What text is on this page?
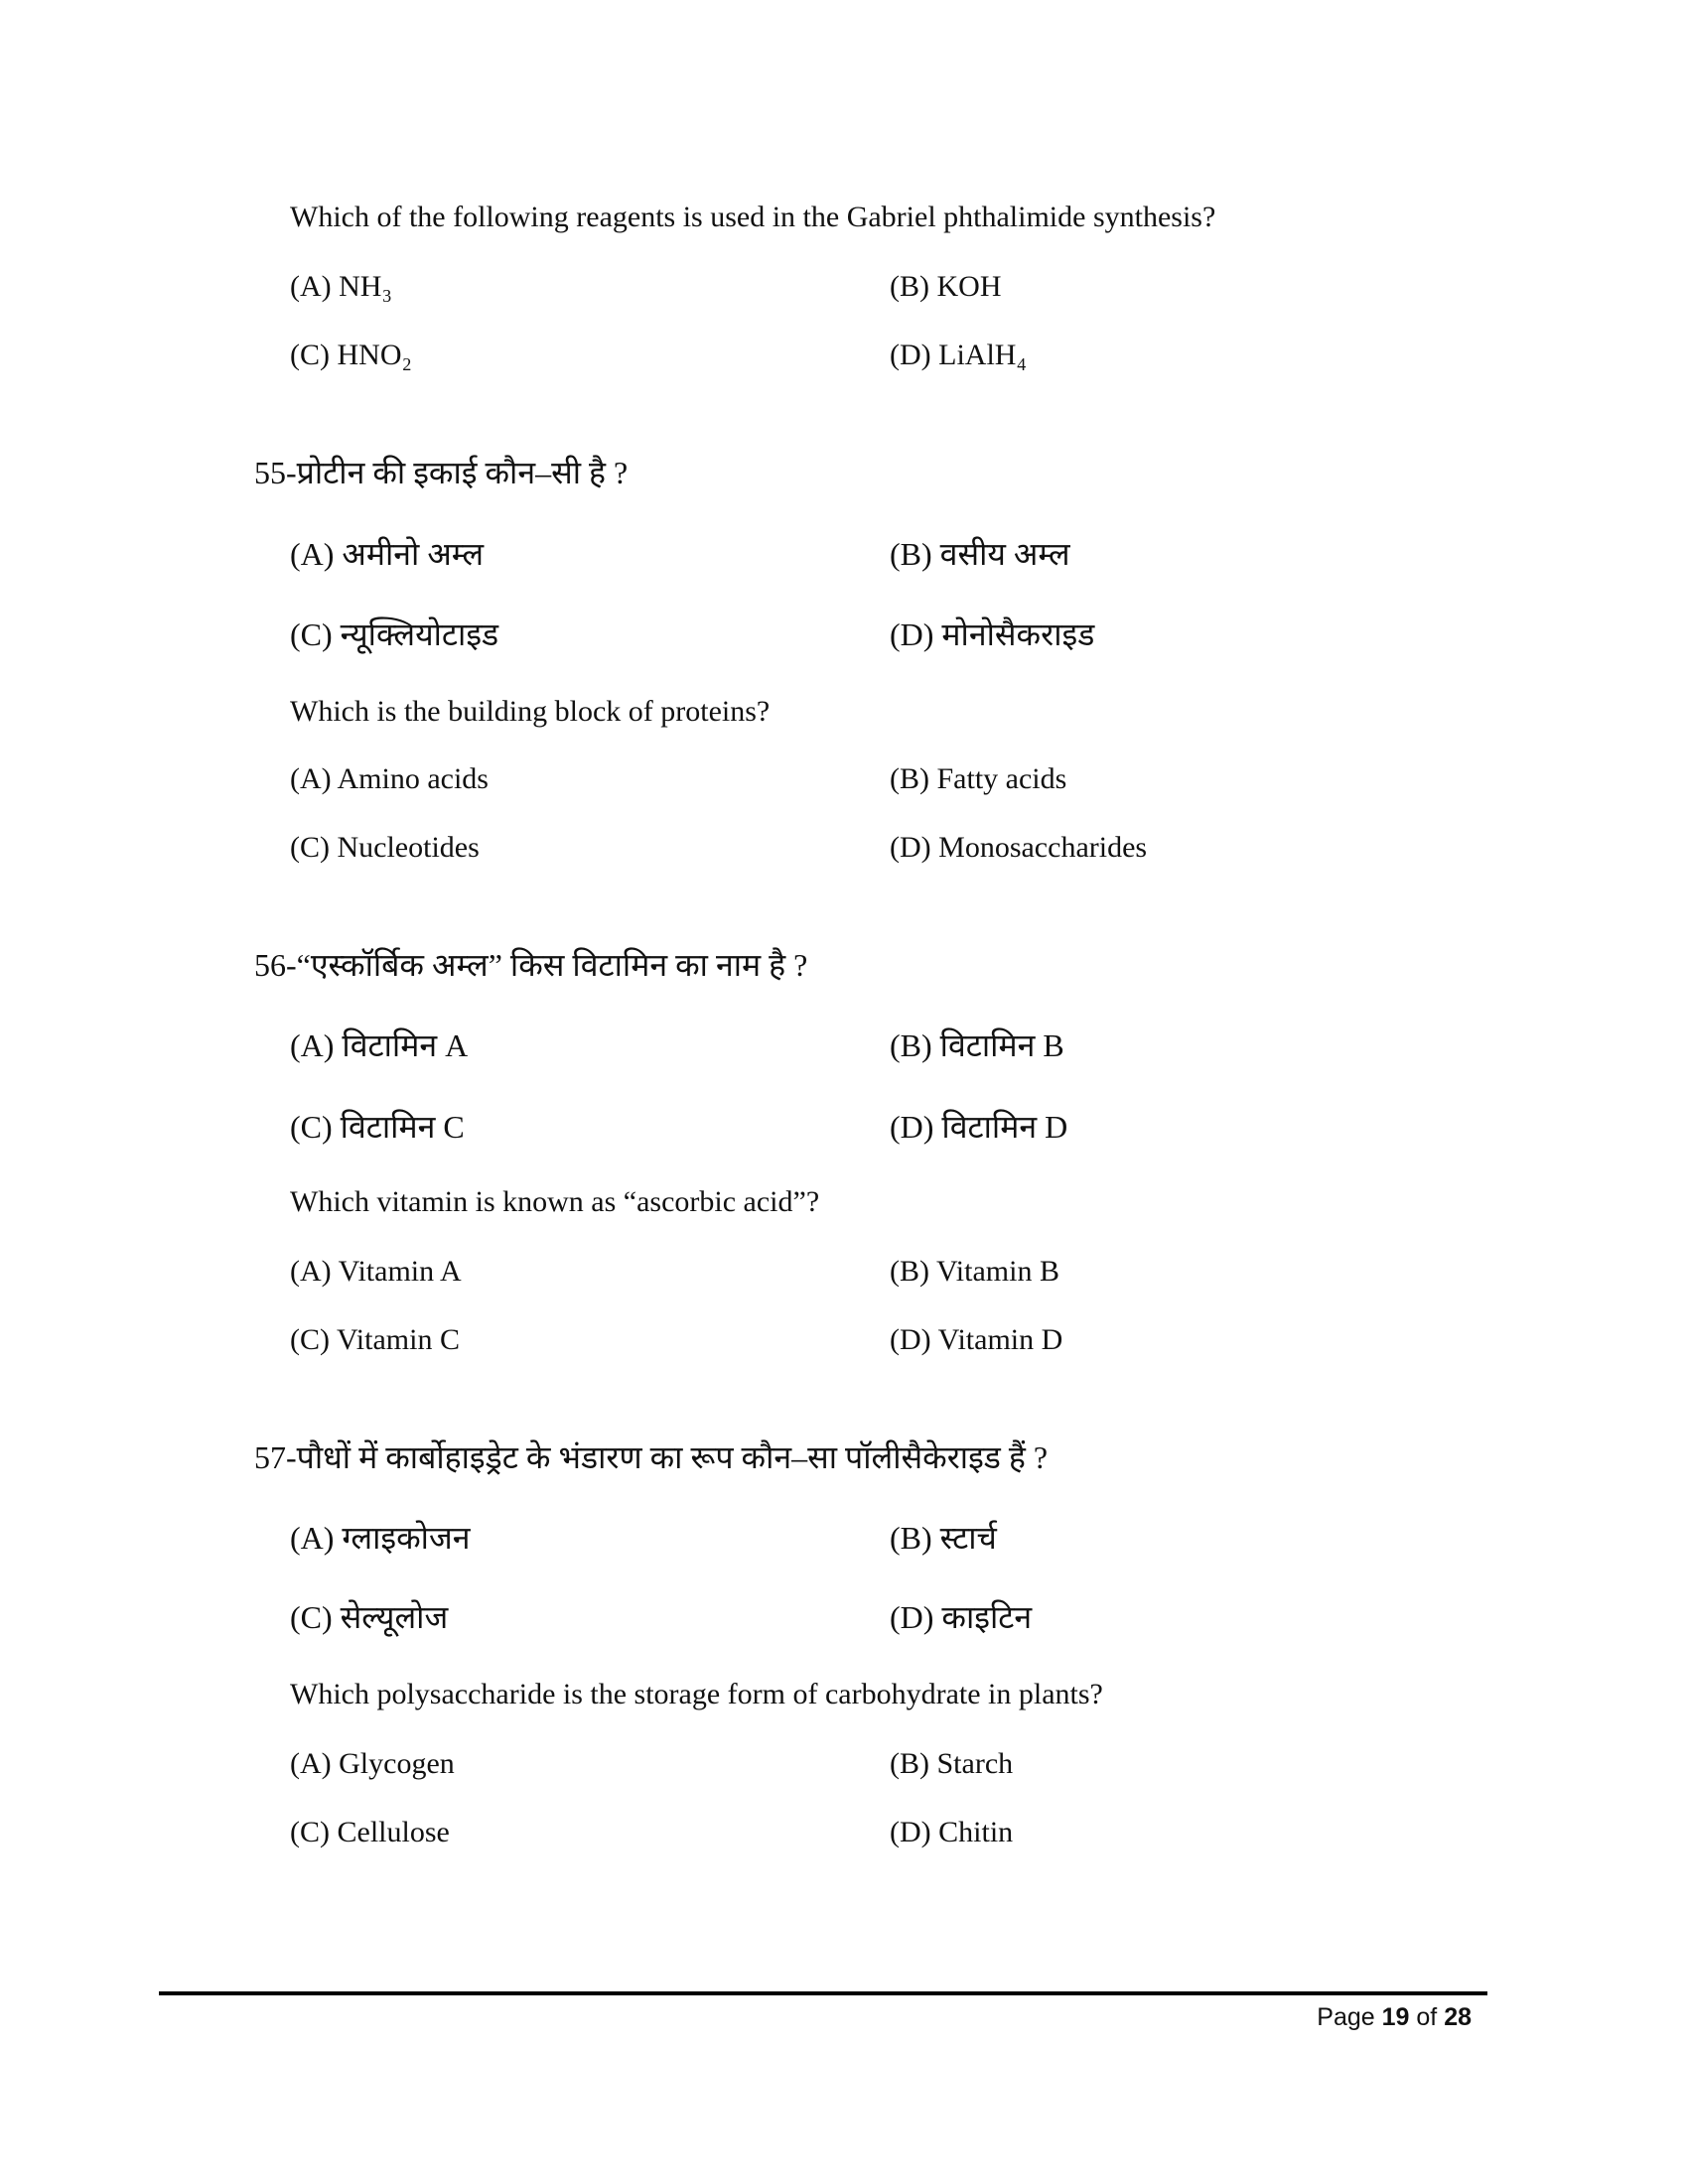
Which of the following reagents is used in the Gabriel phthalimide synthesis?
(A) NH₃	(B) KOH
(C) HNO₂	(D) LiAlH₄
55-प्रोटीन की इकाई कौन–सी है ?
(A) अमीनो अम्ल	(B) वसीय अम्ल
(C) न्यूक्लियोटाइड	(D) मोनोसैकराइड
Which is the building block of proteins?
(A) Amino acids	(B) Fatty acids
(C) Nucleotides	(D) Monosaccharides
56-“एस्कॉर्बिक अम्ल” किस विटामिन का नाम है ?
(A) विटामिन A	(B) विटामिन B
(C) विटामिन C	(D) विटामिन D
Which vitamin is known as “ascorbic acid”?
(A) Vitamin A	(B) Vitamin B
(C) Vitamin C	(D) Vitamin D
57-पौधों में कार्बोहाइड्रेट के भंडारण का रूप कौन–सा पॉलीसैकेराइड हैं ?
(A) ग्लाइकोजन	(B) स्टार्च
(C) सेल्यूलोज	(D) काइटिन
Which polysaccharide is the storage form of carbohydrate in plants?
(A) Glycogen	(B) Starch
(C) Cellulose	(D) Chitin
Page 19 of 28
